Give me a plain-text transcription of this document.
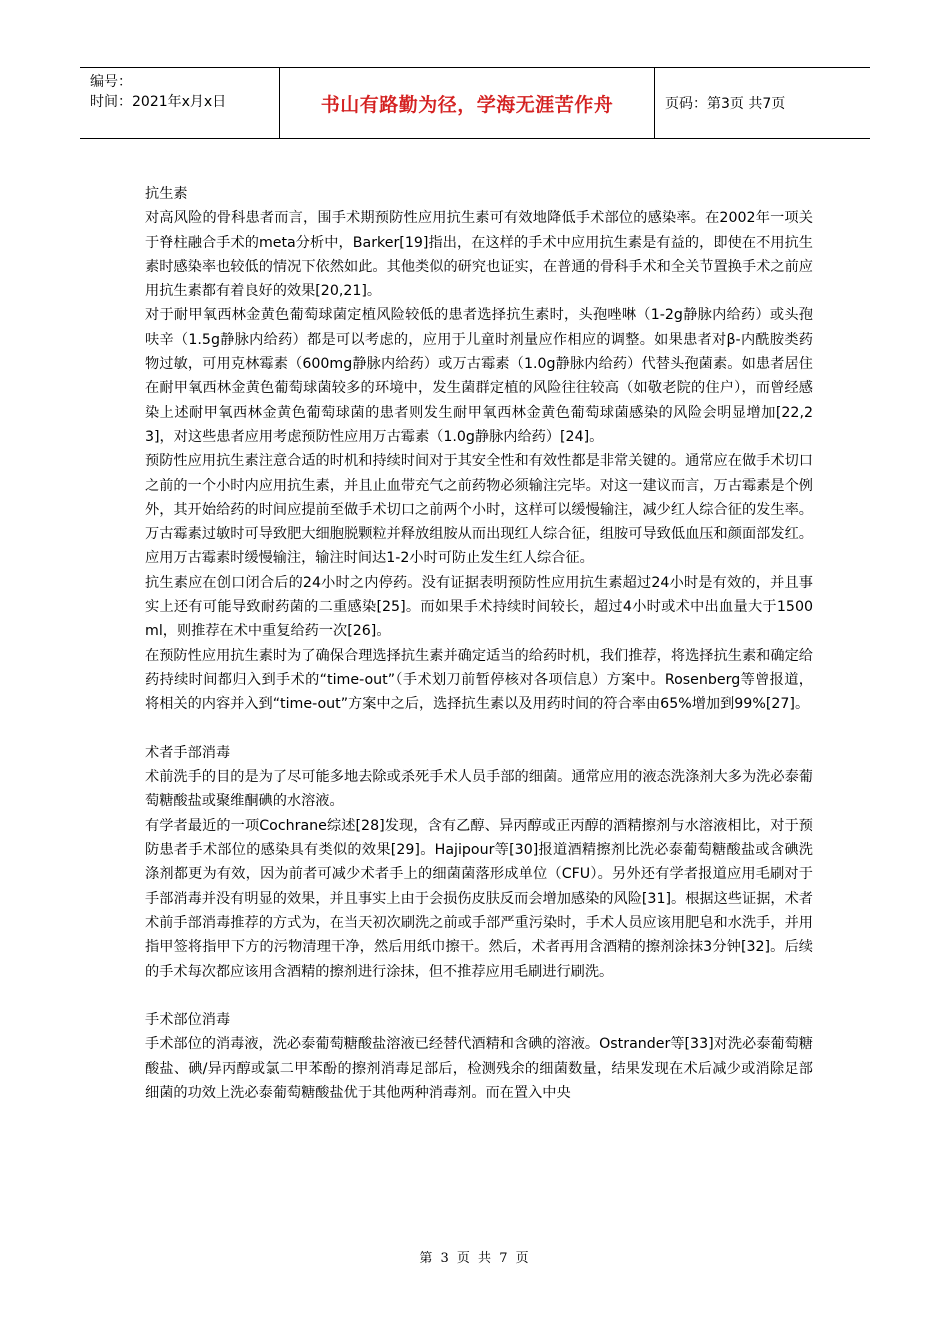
编号：
时间：2021年x月x日	书山有路勤为径，学海无涯苦作舟	页码：第3页 共7页

抗生素

对高风险的骨科患者而言，围手术期预防性应用抗生素可有效地降低手术部位的感染率。在2002年一项关于脊柱融合手术的meta分析中，Barker[19]指出，在这样的手术中应用抗生素是有益的，即使在不用抗生素时感染率也较低的情况下依然如此。其他类似的研究也证实，在普通的骨科手术和全关节置换手术之前应用抗生素都有着良好的效果[20,21]。

对于耐甲氧西林金黄色葡萄球菌定植风险较低的患者选择抗生素时，头孢唑啉（1-2g静脉内给药）或头孢呋辛（1.5g静脉内给药）都是可以考虑的，应用于儿童时剂量应作相应的调整。如果患者对β-内酰胺类药物过敏，可用克林霉素（600mg静脉内给药）或万古霉素（1.0g静脉内给药）代替头孢菌素。如患者居住在耐甲氧西林金黄色葡萄球菌较多的环境中，发生菌群定植的风险往往较高（如敬老院的住户），而曾经感染上述耐甲氧西林金黄色葡萄球菌的患者则发生耐甲氧西林金黄色葡萄球菌感染的风险会明显增加[22,23]，对这些患者应用考虑预防性应用万古霉素（1.0g静脉内给药）[24]。

预防性应用抗生素注意合适的时机和持续时间对于其安全性和有效性都是非常关键的。通常应在做手术切口之前的一个小时内应用抗生素，并且止血带充气之前药物必须输注完毕。对这一建议而言，万古霉素是个例外，其开始给药的时间应提前至做手术切口之前两个小时，这样可以缓慢输注，减少红人综合征的发生率。万古霉素过敏时可导致肥大细胞脱颗粒并释放组胺从而出现红人综合征，组胺可导致低血压和颜面部发红。应用万古霉素时缓慢输注，输注时间达1-2小时可防止发生红人综合征。

抗生素应在创口闭合后的24小时之内停药。没有证据表明预防性应用抗生素超过24小时是有效的，并且事实上还有可能导致耐药菌的二重感染[25]。而如果手术持续时间较长，超过4小时或术中出血量大于1500ml，则推荐在术中重复给药一次[26]。

在预防性应用抗生素时为了确保合理选择抗生素并确定适当的给药时机，我们推荐，将选择抗生素和确定给药持续时间都归入到手术的“time-out”（手术划刀前暂停核对各项信息）方案中。Rosenberg等曾报道，将相关的内容并入到“time-out”方案中之后，选择抗生素以及用药时间的符合率由65%增加到99%[27]。

术者手部消毒

术前洗手的目的是为了尽可能多地去除或杀死手术人员手部的细菌。通常应用的液态洗涤剂大多为洗必泰葡萄糖酸盐或聚维酮碘的水溶液。

有学者最近的一项Cochrane综述[28]发现，含有乙醇、异丙醇或正丙醇的酒精擦剂与水溶液相比，对于预防患者手术部位的感染具有类似的效果[29]。Hajipour等[30]报道酒精擦剂比洗必泰葡萄糖酸盐或含碘洗涤剂都更为有效，因为前者可减少术者手上的细菌菌落形成单位（CFU）。另外还有学者报道应用毛刷对于手部消毒并没有明显的效果，并且事实上由于会损伤皮肤反而会增加感染的风险[31]。根据这些证据，术者术前手部消毒推荐的方式为，在当天初次刷洗之前或手部严重污染时，手术人员应该用肥皂和水洗手，并用指甲签将指甲下方的污物清理干净，然后用纸巾擦干。然后，术者再用含酒精的擦剂涂抹3分钟[32]。后续的手术每次都应该用含酒精的擦剂进行涂抹，但不推荐应用毛刷进行刷洗。

手术部位消毒

手术部位的消毒液，洗必泰葡萄糖酸盐溶液已经替代酒精和含碘的溶液。Ostrander等[33]对洗必泰葡萄糖酸盐、碘/异丙醇或氯二甲苯酚的擦剂消毒足部后，检测残余的细菌数量，结果发现在术后减少或消除足部细菌的功效上洗必泰葡萄糖酸盐优于其他两种消毒剂。而在置入中央

第 3 页 共 7 页
